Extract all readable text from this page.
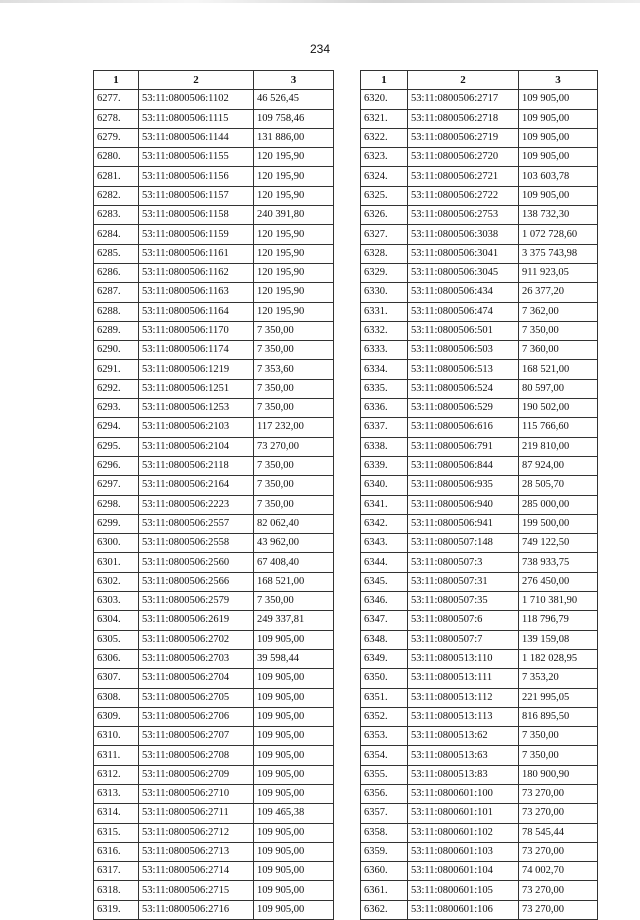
234
1	2	3
6277.	53:11:0800506:1102	46 526,45
6278.	53:11:0800506:1115	109 758,46
6279.	53:11:0800506:1144	131 886,00
6280.	53:11:0800506:1155	120 195,90
6281.	53:11:0800506:1156	120 195,90
6282.	53:11:0800506:1157	120 195,90
6283.	53:11:0800506:1158	240 391,80
6284.	53:11:0800506:1159	120 195,90
6285.	53:11:0800506:1161	120 195,90
6286.	53:11:0800506:1162	120 195,90
6287.	53:11:0800506:1163	120 195,90
6288.	53:11:0800506:1164	120 195,90
6289.	53:11:0800506:1170	7 350,00
6290.	53:11:0800506:1174	7 350,00
6291.	53:11:0800506:1219	7 353,60
6292.	53:11:0800506:1251	7 350,00
6293.	53:11:0800506:1253	7 350,00
6294.	53:11:0800506:2103	117 232,00
6295.	53:11:0800506:2104	73 270,00
6296.	53:11:0800506:2118	7 350,00
6297.	53:11:0800506:2164	7 350,00
6298.	53:11:0800506:2223	7 350,00
6299.	53:11:0800506:2557	82 062,40
6300.	53:11:0800506:2558	43 962,00
6301.	53:11:0800506:2560	67 408,40
6302.	53:11:0800506:2566	168 521,00
6303.	53:11:0800506:2579	7 350,00
6304.	53:11:0800506:2619	249 337,81
6305.	53:11:0800506:2702	109 905,00
6306.	53:11:0800506:2703	39 598,44
6307.	53:11:0800506:2704	109 905,00
6308.	53:11:0800506:2705	109 905,00
6309.	53:11:0800506:2706	109 905,00
6310.	53:11:0800506:2707	109 905,00
6311.	53:11:0800506:2708	109 905,00
6312.	53:11:0800506:2709	109 905,00
6313.	53:11:0800506:2710	109 905,00
6314.	53:11:0800506:2711	109 465,38
6315.	53:11:0800506:2712	109 905,00
6316.	53:11:0800506:2713	109 905,00
6317.	53:11:0800506:2714	109 905,00
6318.	53:11:0800506:2715	109 905,00
6319.	53:11:0800506:2716	109 905,00
1	2	3
6320.	53:11:0800506:2717	109 905,00
6321.	53:11:0800506:2718	109 905,00
6322.	53:11:0800506:2719	109 905,00
6323.	53:11:0800506:2720	109 905,00
6324.	53:11:0800506:2721	103 603,78
6325.	53:11:0800506:2722	109 905,00
6326.	53:11:0800506:2753	138 732,30
6327.	53:11:0800506:3038	1 072 728,60
6328.	53:11:0800506:3041	3 375 743,98
6329.	53:11:0800506:3045	911 923,05
6330.	53:11:0800506:434	26 377,20
6331.	53:11:0800506:474	7 362,00
6332.	53:11:0800506:501	7 350,00
6333.	53:11:0800506:503	7 360,00
6334.	53:11:0800506:513	168 521,00
6335.	53:11:0800506:524	80 597,00
6336.	53:11:0800506:529	190 502,00
6337.	53:11:0800506:616	115 766,60
6338.	53:11:0800506:791	219 810,00
6339.	53:11:0800506:844	87 924,00
6340.	53:11:0800506:935	28 505,70
6341.	53:11:0800506:940	285 000,00
6342.	53:11:0800506:941	199 500,00
6343.	53:11:0800507:148	749 122,50
6344.	53:11:0800507:3	738 933,75
6345.	53:11:0800507:31	276 450,00
6346.	53:11:0800507:35	1 710 381,90
6347.	53:11:0800507:6	118 796,79
6348.	53:11:0800507:7	139 159,08
6349.	53:11:0800513:110	1 182 028,95
6350.	53:11:0800513:111	7 353,20
6351.	53:11:0800513:112	221 995,05
6352.	53:11:0800513:113	816 895,50
6353.	53:11:0800513:62	7 350,00
6354.	53:11:0800513:63	7 350,00
6355.	53:11:0800513:83	180 900,90
6356.	53:11:0800601:100	73 270,00
6357.	53:11:0800601:101	73 270,00
6358.	53:11:0800601:102	78 545,44
6359.	53:11:0800601:103	73 270,00
6360.	53:11:0800601:104	74 002,70
6361.	53:11:0800601:105	73 270,00
6362.	53:11:0800601:106	73 270,00
